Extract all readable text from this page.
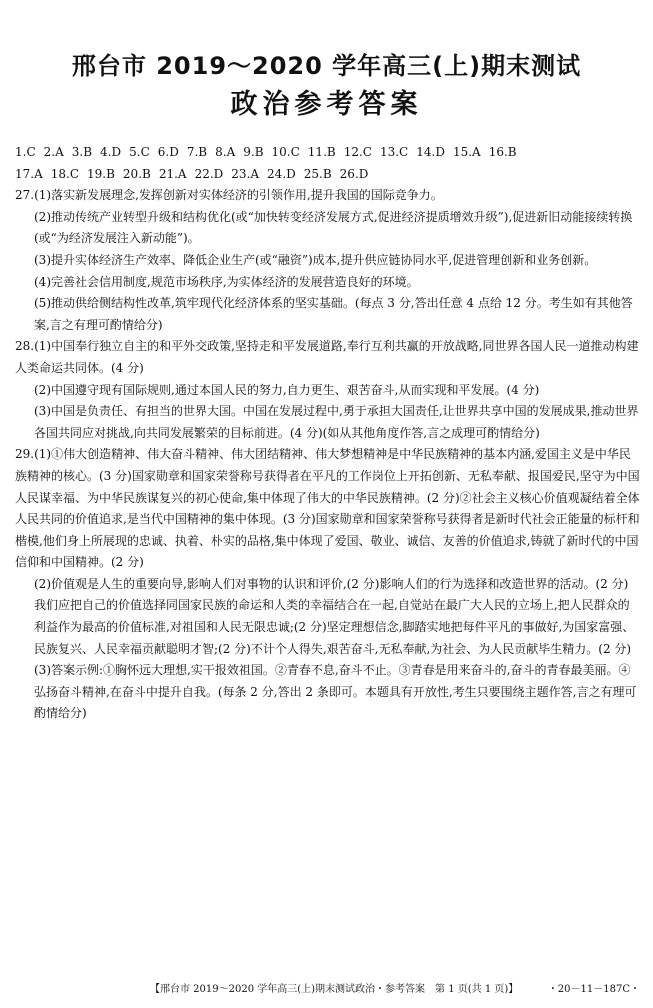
邢台市 2019～2020 学年高三(上)期末测试
政治参考答案
1.C 2.A 3.B 4.D 5.C 6.D 7.B 8.A 9.B 10.C 11.B 12.C 13.C 14.D 15.A 16.B
17.A 18.C 19.B 20.B 21.A 22.D 23.A 24.D 25.B 26.D

27.(1)落实新发展理念,发挥创新对实体经济的引领作用,提升我国的国际竞争力。

(2)推动传统产业转型升级和结构优化(或“加快转变经济发展方式,促进经济提质增效升级”),促进新旧动能接续转换(或“为经济发展注入新动能”)。

(3)提升实体经济生产效率、降低企业生产(或“融资”)成本,提升供应链协同水平,促进管理创新和业务创新。

(4)完善社会信用制度,规范市场秩序,为实体经济的发展营造良好的环境。

(5)推动供给侧结构性改革,筑牢现代化经济体系的坚实基础。(每点 3 分,答出任意 4 点给 12 分。考生如有其他答案,言之有理可酌情给分)

28.(1)中国奉行独立自主的和平外交政策,坚持走和平发展道路,奉行互利共赢的开放战略,同世界各国人民一道推动构建人类命运共同体。(4 分)

(2)中国遵守现有国际规则,通过本国人民的努力,自力更生、艰苦奋斗,从而实现和平发展。(4 分)

(3)中国是负责任、有担当的世界大国。中国在发展过程中,勇于承担大国责任,让世界共享中国的发展成果,推动世界各国共同应对挑战,向共同发展繁荣的目标前进。(4 分)(如从其他角度作答,言之成理可酌情给分)

29.(1)①伟大创造精神、伟大奋斗精神、伟大团结精神、伟大梦想精神是中华民族精神的基本内涵,爱国主义是中华民族精神的核心。(3 分)国家勋章和国家荣誉称号获得者在平凡的工作岗位上开拓创新、无私奉献、报国爱民,坚守为中国人民谋幸福、为中华民族谋复兴的初心使命,集中体现了伟大的中华民族精神。(2 分)②社会主义核心价值观凝结着全体人民共同的价值追求,是当代中国精神的集中体现。(3 分)国家勋章和国家荣誉称号获得者是新时代社会正能量的标杆和楷模,他们身上所展现的忠诚、执着、朴实的品格,集中体现了爱国、敬业、诚信、友善的价值追求,铸就了新时代的中国信仰和中国精神。(2 分)

(2)价值观是人生的重要向导,影响人们对事物的认识和评价,(2 分)影响人们的行为选择和改造世界的活动。(2 分)我们应把自己的价值选择同国家民族的命运和人类的幸福结合在一起,自觉站在最广大人民的立场上,把人民群众的利益作为最高的价值标准,对祖国和人民无限忠诚;(2 分)坚定理想信念,脚踏实地把每件平凡的事做好,为国家富强、民族复兴、人民幸福贡献聪明才智;(2 分)不计个人得失,艰苦奋斗,无私奉献,为社会、为人民贡献毕生精力。(2 分)

(3)答案示例:①胸怀远大理想,实干报效祖国。②青春不息,奋斗不止。③青春是用来奋斗的,奋斗的青春最美丽。④弘扬奋斗精神,在奋斗中提升自我。(每条 2 分,答出 2 条即可。本题具有开放性,考生只要围绕主题作答,言之有理可酌情给分)

【邢台市 2019～2020 学年高三(上)期末测试政治・参考答案　第 1 页(共 1 页)】	・20－11－187C・
